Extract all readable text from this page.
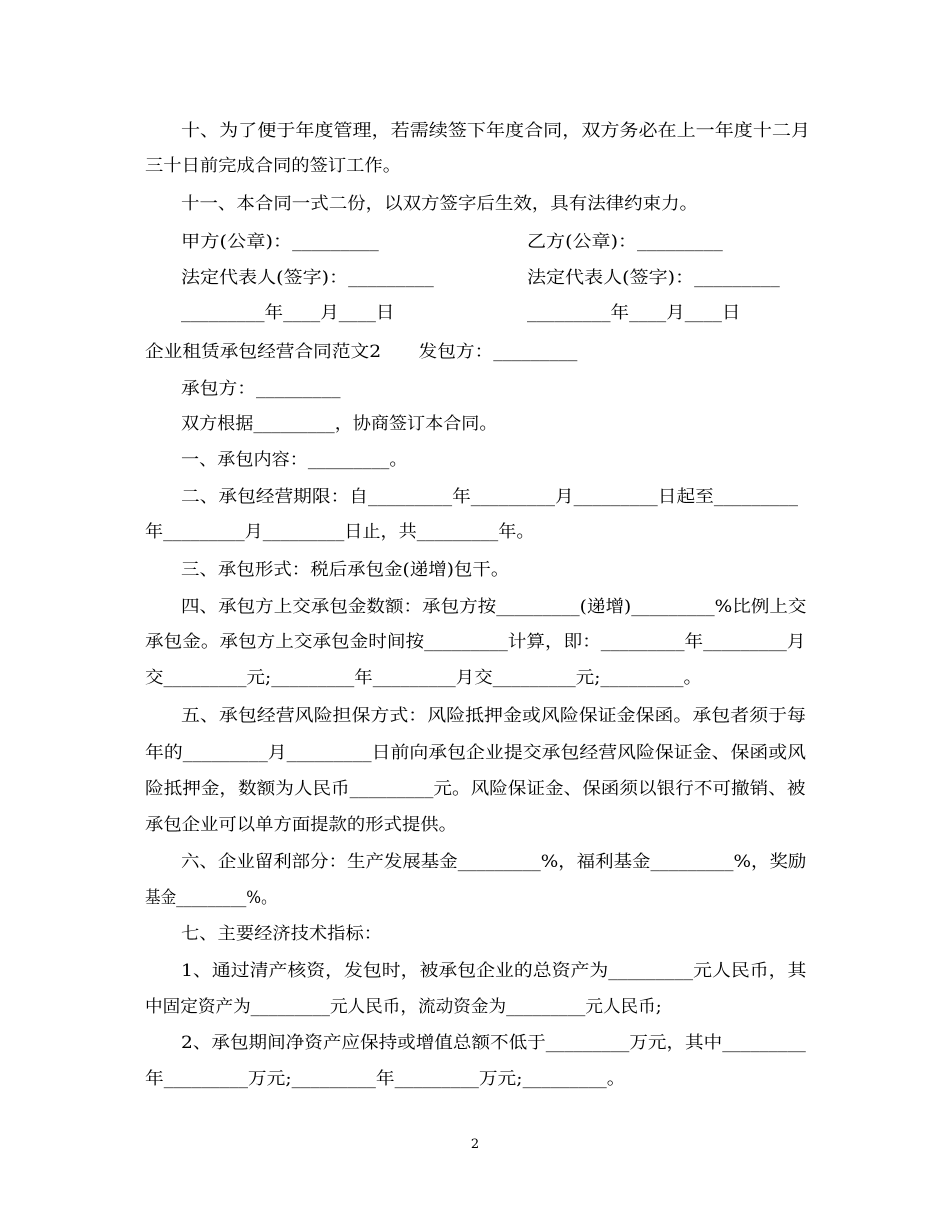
十、为了便于年度管理，若需续签下年度合同，双方务必在上一年度十二月
三十日前完成合同的签订工作。
十一、本合同一式二份，以双方签字后生效，具有法律约束力。
甲方(公章)：_________	乙方(公章)：_________
法定代表人(签字)：_________	法定代表人(签字)：_________
_________年____月____日	_________年____月____日
企业租赁承包经营合同范文2　　发包方：_________
承包方：_________
双方根据_________，协商签订本合同。
一、承包内容：_________。
二、承包经营期限：自_________年_________月_________日起至_________
年_________月_________日止，共_________年。
三、承包形式：税后承包金(递增)包干。
四、承包方上交承包金数额：承包方按_________(递增)_________%比例上交
承包金。承包方上交承包金时间按_________计算，即：_________年_________月
交_________元;_________年_________月交_________元;_________。
五、承包经营风险担保方式：风险抵押金或风险保证金保函。承包者须于每
年的_________月_________日前向承包企业提交承包经营风险保证金、保函或风
险抵押金，数额为人民币_________元。风险保证金、保函须以银行不可撤销、被
承包企业可以单方面提款的形式提供。
六、企业留利部分：生产发展基金_________%，福利基金_________%，奖励
基金_________%。
七、主要经济技术指标：
1、通过清产核资，发包时，被承包企业的总资产为_________元人民币，其
中固定资产为_________元人民币，流动资金为_________元人民币;
2、承包期间净资产应保持或增值总额不低于_________万元，其中_________
年_________万元;_________年_________万元;_________。
2
